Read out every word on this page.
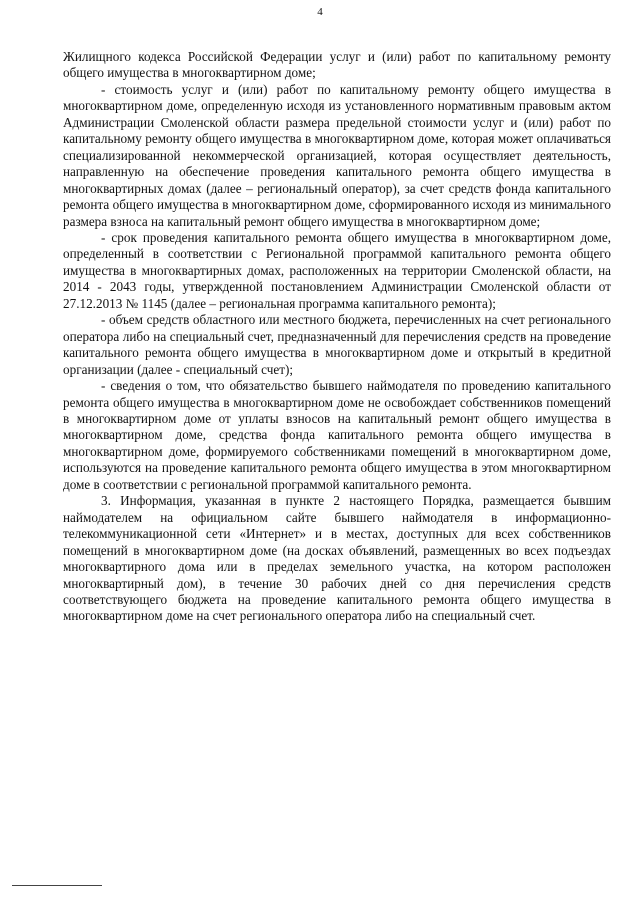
4

Жилищного кодекса Российской Федерации услуг и (или) работ по капитальному ремонту общего имущества в многоквартирном доме;

- стоимость услуг и (или) работ по капитальному ремонту общего имущества в многоквартирном доме, определенную исходя из установленного нормативным правовым актом Администрации Смоленской области размера предельной стоимости услуг и (или) работ по капитальному ремонту общего имущества в многоквартирном доме, которая может оплачиваться специализированной некоммерческой организацией, которая осуществляет деятельность, направленную на обеспечение проведения капитального ремонта общего имущества в многоквартирных домах (далее – региональный оператор), за счет средств фонда капитального ремонта общего имущества в многоквартирном доме, сформированного исходя из минимального размера взноса на капитальный ремонт общего имущества в многоквартирном доме;

- срок проведения капитального ремонта общего имущества в многоквартирном доме, определенный в соответствии с Региональной программой капитального ремонта общего имущества в многоквартирных домах, расположенных на территории Смоленской области, на 2014 - 2043 годы, утвержденной постановлением Администрации Смоленской области от 27.12.2013 № 1145 (далее – региональная программа капитального ремонта);

- объем средств областного или местного бюджета, перечисленных на счет регионального оператора либо на специальный счет, предназначенный для перечисления средств на проведение капитального ремонта общего имущества в многоквартирном доме и открытый в кредитной организации (далее - специальный счет);

- сведения о том, что обязательство бывшего наймодателя по проведению капитального ремонта общего имущества в многоквартирном доме не освобождает собственников помещений в многоквартирном доме от уплаты взносов на капитальный ремонт общего имущества в многоквартирном доме, средства фонда капитального ремонта общего имущества в многоквартирном доме, формируемого собственниками помещений в многоквартирном доме, используются на проведение капитального ремонта общего имущества в этом многоквартирном доме в соответствии с региональной программой капитального ремонта.

3. Информация, указанная в пункте 2 настоящего Порядка, размещается бывшим наймодателем на официальном сайте бывшего наймодателя в информационно-телекоммуникационной сети «Интернет» и в местах, доступных для всех собственников помещений в многоквартирном доме (на досках объявлений, размещенных во всех подъездах многоквартирного дома или в пределах земельного участка, на котором расположен многоквартирный дом), в течение 30 рабочих дней со дня перечисления средств соответствующего бюджета на проведение капитального ремонта общего имущества в многоквартирном доме на счет регионального оператора либо на специальный счет.
